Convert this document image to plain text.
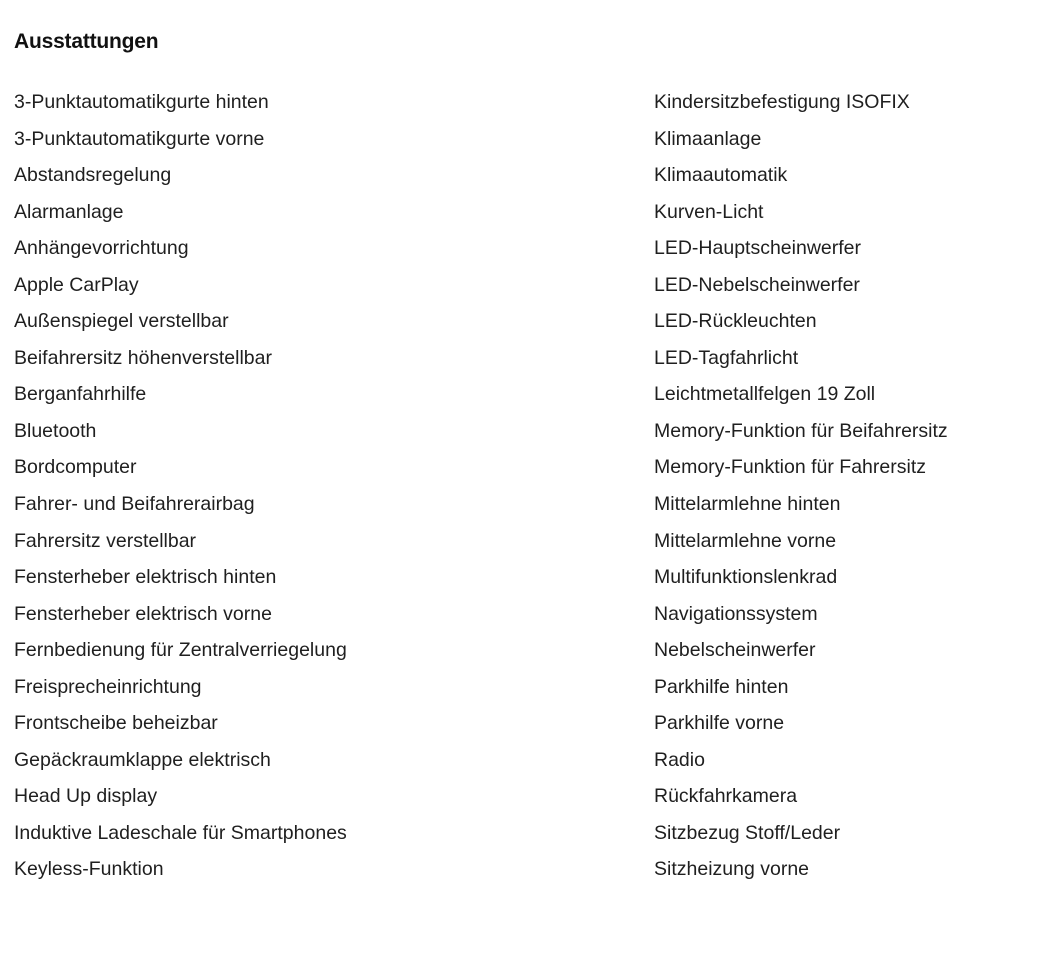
Ausstattungen
3-Punktautomatikgurte hinten
3-Punktautomatikgurte vorne
Abstandsregelung
Alarmanlage
Anhängevorrichtung
Apple CarPlay
Außenspiegel verstellbar
Beifahrersitz höhenverstellbar
Berganfahrhilfe
Bluetooth
Bordcomputer
Fahrer- und Beifahrerairbag
Fahrersitz verstellbar
Fensterheber elektrisch hinten
Fensterheber elektrisch vorne
Fernbedienung für Zentralverriegelung
Freisprecheinrichtung
Frontscheibe beheizbar
Gepäckraumklappe elektrisch
Head Up display
Induktive Ladeschale für Smartphones
Keyless-Funktion
Kindersitzbefestigung ISOFIX
Klimaanlage
Klimaautomatik
Kurven-Licht
LED-Hauptscheinwerfer
LED-Nebelscheinwerfer
LED-Rückleuchten
LED-Tagfahrlicht
Leichtmetallfelgen 19 Zoll
Memory-Funktion für Beifahrersitz
Memory-Funktion für Fahrersitz
Mittelarmlehne hinten
Mittelarmlehne vorne
Multifunktionslenkrad
Navigationssystem
Nebelscheinwerfer
Parkhilfe hinten
Parkhilfe vorne
Radio
Rückfahrkamera
Sitzbezug Stoff/Leder
Sitzheizung vorne
